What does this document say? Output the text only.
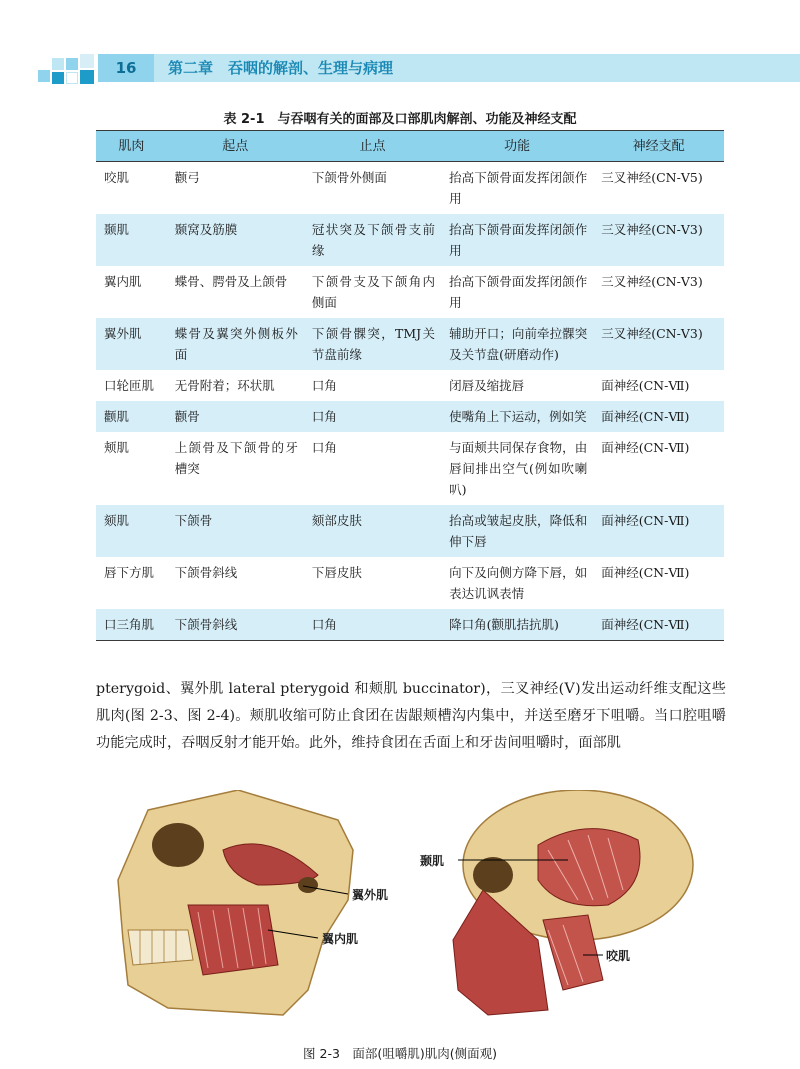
16	第二章　吞咽的解剖、生理与病理
表 2-1　与吞咽有关的面部及口部肌肉解剖、功能及神经支配
肌肉	起点	止点	功能	神经支配
咬肌	颧弓	下颌骨外侧面	抬高下颌骨面发挥闭颌作用	三叉神经(CN-Ⅴ5)
颞肌	颞窝及筋膜	冠状突及下颌骨支前缘	抬高下颌骨面发挥闭颌作用	三叉神经(CN-Ⅴ3)
翼内肌	蝶骨、腭骨及上颌骨	下颌骨支及下颌角内侧面	抬高下颌骨面发挥闭颌作用	三叉神经(CN-Ⅴ3)
翼外肌	蝶骨及翼突外侧板外面	下颌骨髁突，TMJ关节盘前缘	辅助开口；向前牵拉髁突及关节盘(研磨动作)	三叉神经(CN-Ⅴ3)
口轮匝肌	无骨附着；环状肌	口角	闭唇及缩拢唇	面神经(CN-Ⅶ)
颧肌	颧骨	口角	使嘴角上下运动，例如笑	面神经(CN-Ⅶ)
颊肌	上颌骨及下颌骨的牙槽突	口角	与面颊共同保存食物，由唇间排出空气(例如吹喇叭)	面神经(CN-Ⅶ)
颏肌	下颌骨	颏部皮肤	抬高或皱起皮肤，降低和伸下唇	面神经(CN-Ⅶ)
唇下方肌	下颌骨斜线	下唇皮肤	向下及向侧方降下唇，如表达讥讽表情	面神经(CN-Ⅶ)
口三角肌	下颌骨斜线	口角	降口角(颧肌拮抗肌)	面神经(CN-Ⅶ)
pterygoid、翼外肌 lateral pterygoid 和颊肌 buccinator)，三叉神经(Ⅴ)发出运动纤维支配这些肌肉(图 2-3、图 2-4)。颊肌收缩可防止食团在齿龈颊槽沟内集中，并送至磨牙下咀嚼。当口腔咀嚼功能完成时，吞咽反射才能开始。此外，维持食团在舌面上和牙齿间咀嚼时，面部肌
翼外肌
翼内肌
颞肌
咬肌
图 2-3　面部(咀嚼肌)肌肉(侧面观)
